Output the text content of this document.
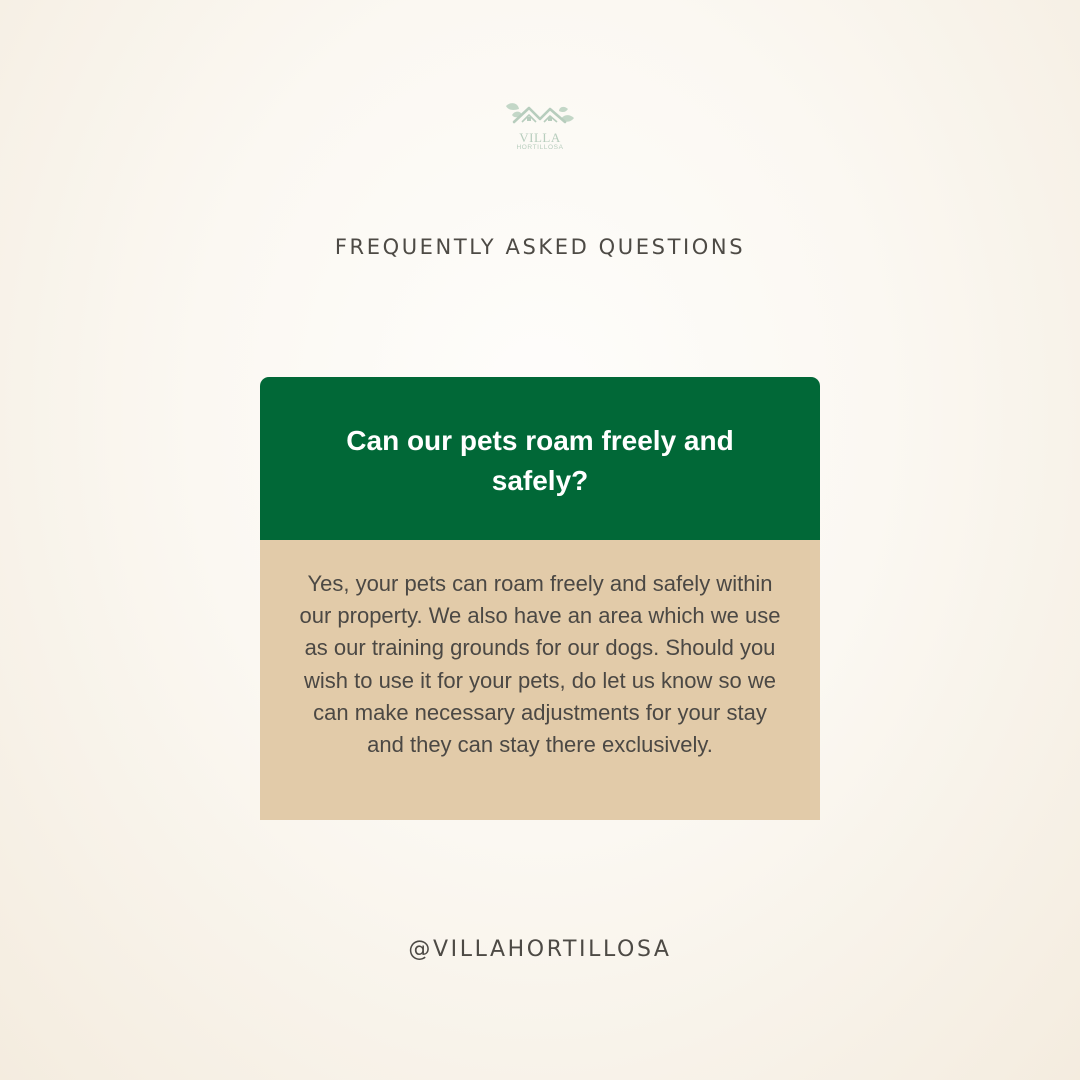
VILLA
HORTILLOSA
FREQUENTLY ASKED QUESTIONS
Can our pets roam freely and safely?
Yes, your pets can roam freely and safely within our property. We also have an area which we use as our training grounds for our dogs. Should you wish to use it for your pets, do let us know so we can make necessary adjustments for your stay and they can stay there exclusively.
@VILLAHORTILLOSA
